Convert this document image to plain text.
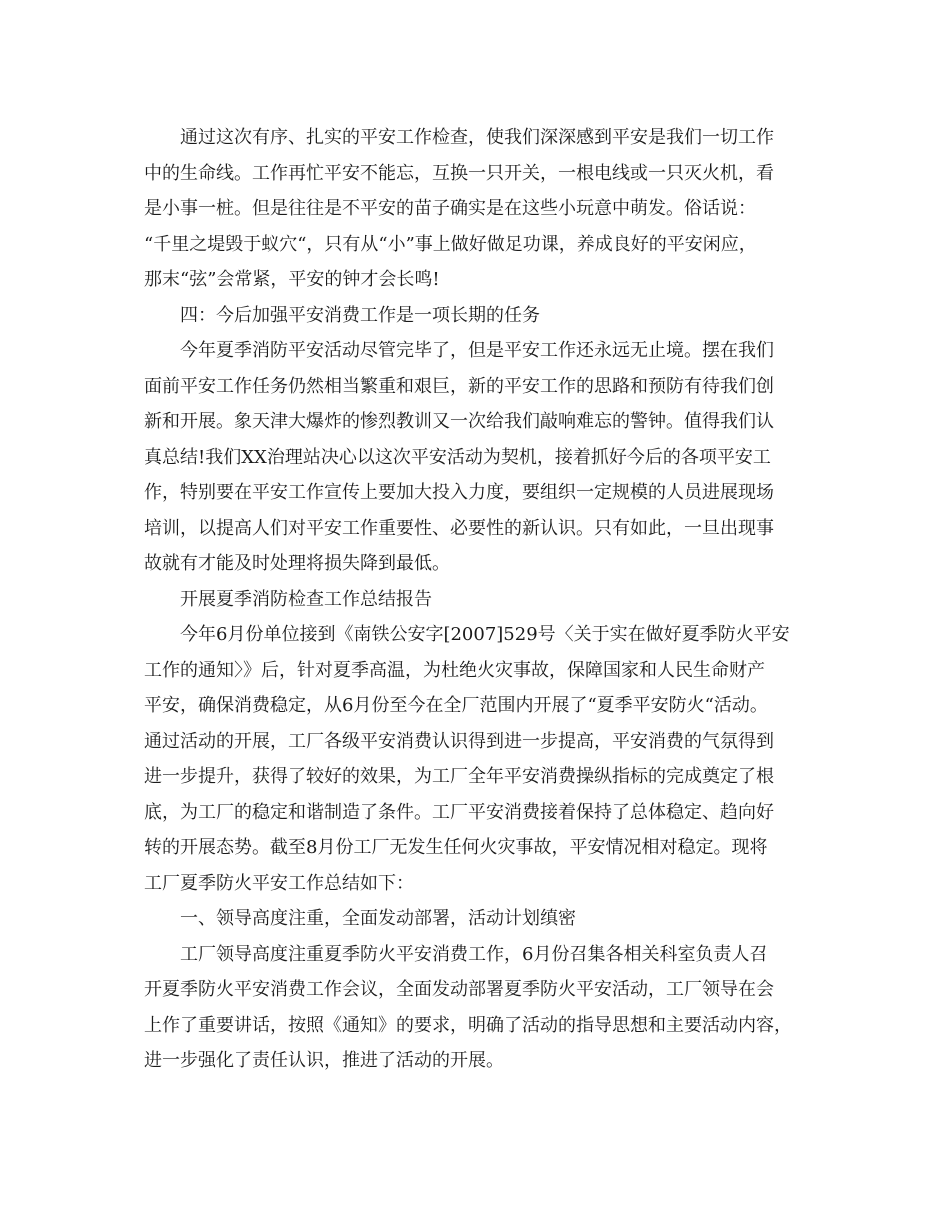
通过这次有序、扎实的平安工作检查，使我们深深感到平安是我们一切工作
中的生命线。工作再忙平安不能忘，互换一只开关，一根电线或一只灭火机，看
是小事一桩。但是往往是不平安的苗子确实是在这些小玩意中萌发。俗话说：
“千里之堤毁于蚁穴“，只有从“小”事上做好做足功课，养成良好的平安闲应，
那末“弦”会常紧，平安的钟才会长鸣!
四：今后加强平安消费工作是一项长期的任务
今年夏季消防平安活动尽管完毕了，但是平安工作还永远无止境。摆在我们
面前平安工作任务仍然相当繁重和艰巨，新的平安工作的思路和预防有待我们创
新和开展。象天津大爆炸的惨烈教训又一次给我们敲响难忘的警钟。值得我们认
真总结!我们XX治理站决心以这次平安活动为契机，接着抓好今后的各项平安工
作，特别要在平安工作宣传上要加大投入力度，要组织一定规模的人员进展现场
培训，以提高人们对平安工作重要性、必要性的新认识。只有如此，一旦出现事
故就有才能及时处理将损失降到最低。
开展夏季消防检查工作总结报告
今年6月份单位接到《南铁公安字[2007]529号〈关于实在做好夏季防火平安
工作的通知〉》后，针对夏季高温，为杜绝火灾事故，保障国家和人民生命财产
平安，确保消费稳定，从6月份至今在全厂范围内开展了“夏季平安防火“活动。
通过活动的开展，工厂各级平安消费认识得到进一步提高，平安消费的气氛得到
进一步提升，获得了较好的效果，为工厂全年平安消费操纵指标的完成奠定了根
底，为工厂的稳定和谐制造了条件。工厂平安消费接着保持了总体稳定、趋向好
转的开展态势。截至8月份工厂无发生任何火灾事故，平安情况相对稳定。现将
工厂夏季防火平安工作总结如下：
一、领导高度注重，全面发动部署，活动计划缜密
工厂领导高度注重夏季防火平安消费工作，6月份召集各相关科室负责人召
开夏季防火平安消费工作会议，全面发动部署夏季防火平安活动，工厂领导在会
上作了重要讲话，按照《通知》的要求，明确了活动的指导思想和主要活动内容，
进一步强化了责任认识，推进了活动的开展。
